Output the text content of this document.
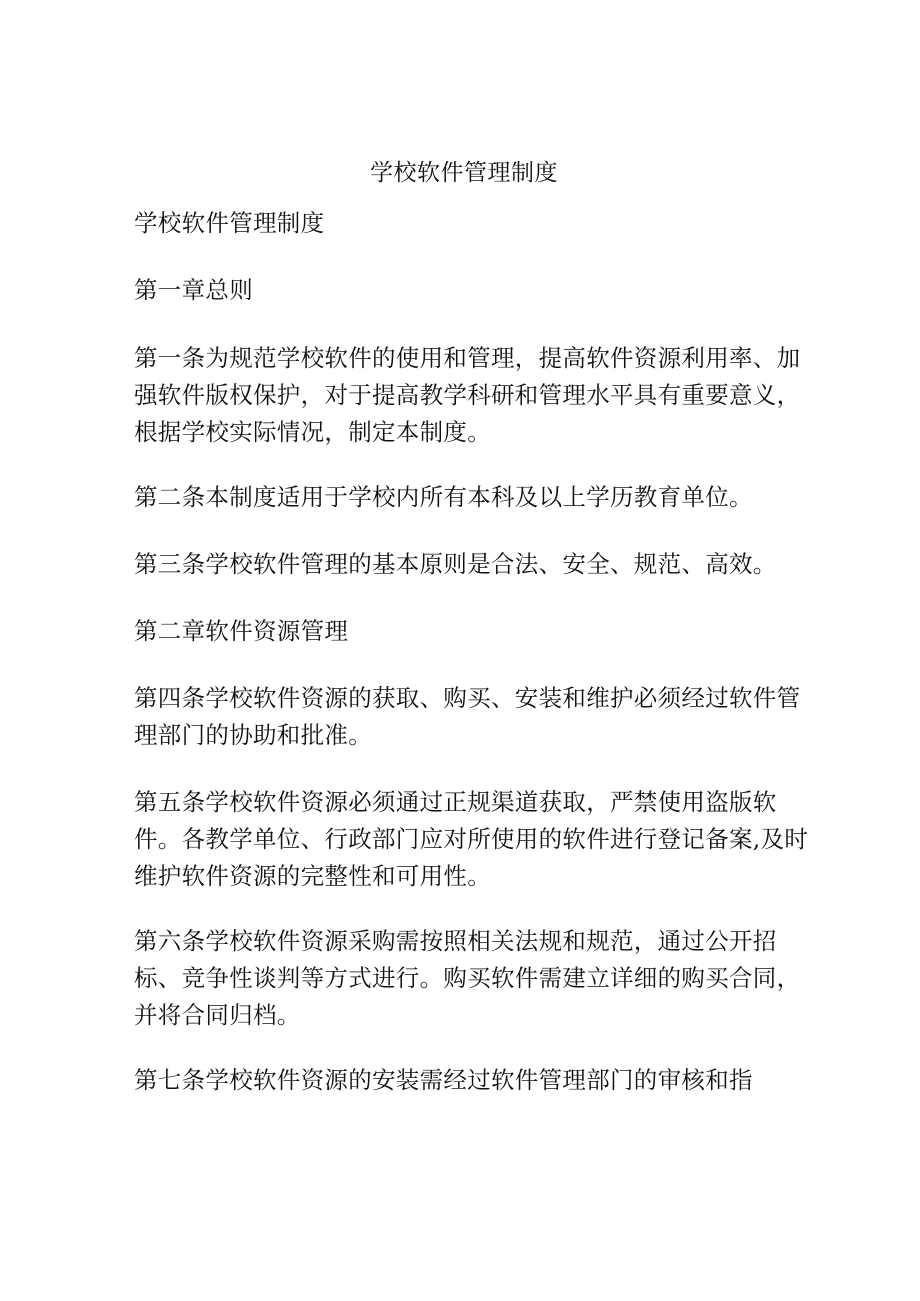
学校软件管理制度
学校软件管理制度
第一章总则
第一条为规范学校软件的使用和管理，提高软件资源利用率、加
强软件版权保护，对于提高教学科研和管理水平具有重要意义，
根据学校实际情况，制定本制度。
第二条本制度适用于学校内所有本科及以上学历教育单位。
第三条学校软件管理的基本原则是合法、安全、规范、高效。
第二章软件资源管理
第四条学校软件资源的获取、购买、安装和维护必须经过软件管
理部门的协助和批准。
第五条学校软件资源必须通过正规渠道获取，严禁使用盗版软
件。各教学单位、行政部门应对所使用的软件进行登记备案,及时
维护软件资源的完整性和可用性。
第六条学校软件资源采购需按照相关法规和规范，通过公开招
标、竞争性谈判等方式进行。购买软件需建立详细的购买合同，
并将合同归档。
第七条学校软件资源的安装需经过软件管理部门的审核和指
